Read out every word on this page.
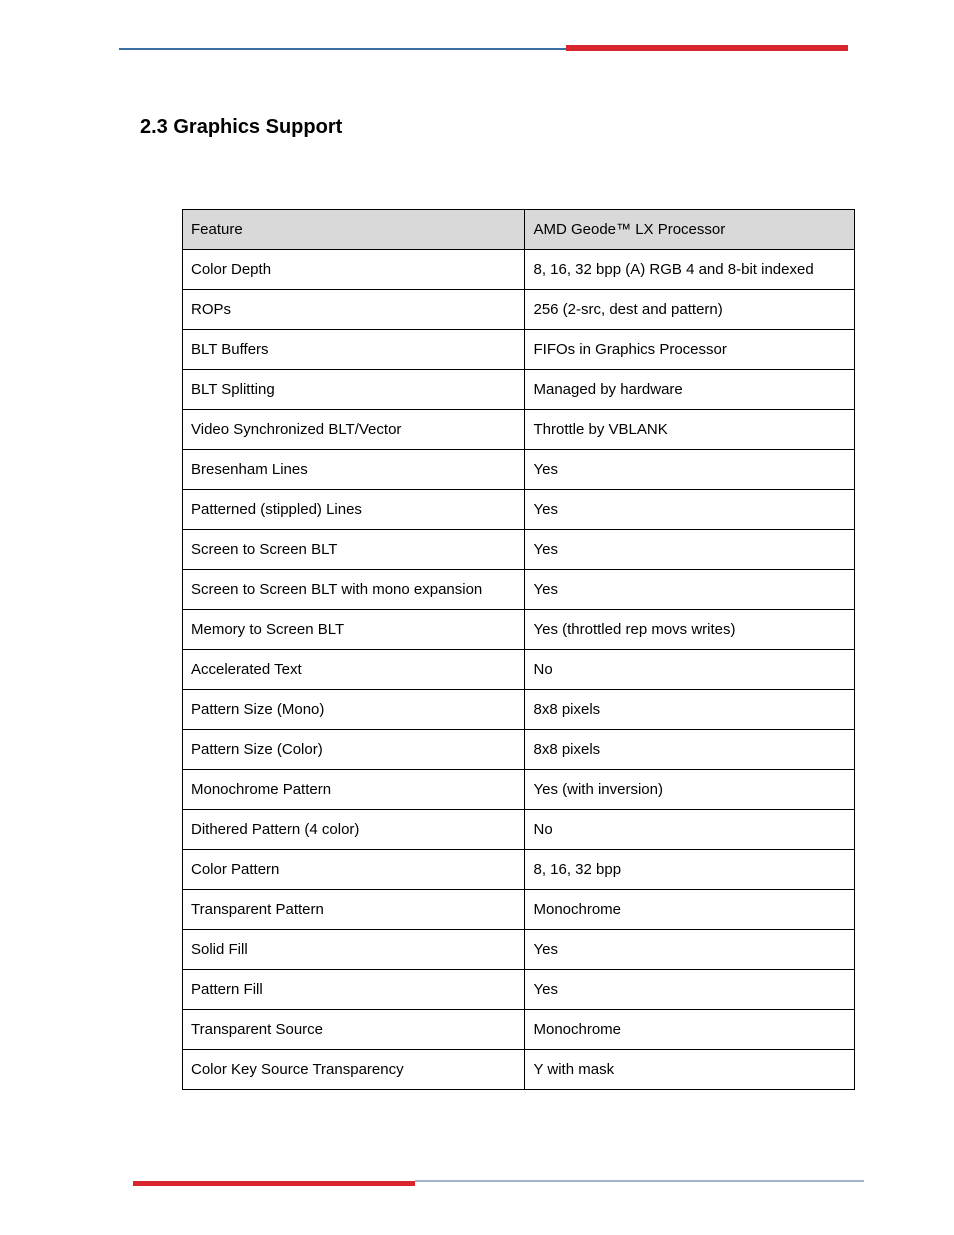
2.3 Graphics Support
Feature	AMD Geode™ LX Processor
Color Depth	8, 16, 32 bpp (A) RGB 4 and 8-bit indexed
ROPs	256 (2-src, dest and pattern)
BLT Buffers	FIFOs in Graphics Processor
BLT Splitting	Managed by hardware
Video Synchronized BLT/Vector	Throttle by VBLANK
Bresenham Lines	Yes
Patterned (stippled) Lines	Yes
Screen to Screen BLT	Yes
Screen to Screen BLT with mono expansion	Yes
Memory to Screen BLT	Yes (throttled rep movs writes)
Accelerated Text	No
Pattern Size (Mono)	8x8 pixels
Pattern Size (Color)	8x8 pixels
Monochrome Pattern	Yes (with inversion)
Dithered Pattern (4 color)	No
Color Pattern	8, 16, 32 bpp
Transparent Pattern	Monochrome
Solid Fill	Yes
Pattern Fill	Yes
Transparent Source	Monochrome
Color Key Source Transparency	Y with mask
